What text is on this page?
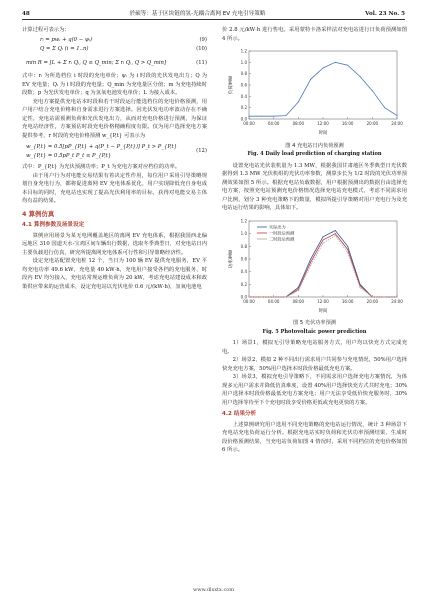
48	於硕等：基于区块链的氢-光耦合离网 EV 充电引导策略	Vol. 23 No. 5

计算过程可表示为：

rᵢ = pwᵢ + q(0 − ψᵢ)	(9)
Q = Σ Qᵢ (i = 1..n)	(10)
min R = [L + Σ rᵢ Qᵢ, Q ≤ Q_min; Σ rᵢ Qᵢ, Q > Q_min]	(11)

式中：rᵢ 为所选档位 i 时段的充电单价；ψᵢ 为 i 时段的光伏发电出力；Q 为 EV 充电量；Qᵢ 为 i 时段的充电量；Q_min 为充电量区分值；m 为充电持续时段数；p 为光伏发电单价；q 为氢氧电池发电单价；L 为接入成本。

充电方案提供充电站本时段和若干时段运行能选档位的充电价格预测，用户用户结合充电价格和自身需求进行方案选择。因光伏发电功率波动存在不确定性，充电站需预测负荷和光伏发电出力，从而对充电价格进行预测，为保证充电站经济性，方案预估时段充电价格精确程度有限。仅为用户选择充电方案提供参考，r 时段的充电价格预测 w_{P,t} 可表示为

w_{P,t} = 0.5[pP_{P,t} + q(P_t − P_{P,t})] P_t > P_{P,t}
w_{P,t} = 0.5pP_t P_t ≤ P_{P,t}
(12)

式中：P_{P,t} 为光伏预测功率；P_t 为充电方案对应档位的功率。

由于用户行为对电能交易结果有着决定性作用，每位用户采用引导策略规划自身充电行为，都将促进离网 EV 充电体系优化，用户实现降低充自身电成本目标的同时，充电站也实现了提高光伏利用率的目标，获得对电能交易主体均有益的结果。

4 算例仿真
4.1 算例参数及场景设定

算例应用场景为某无电网覆盖地区的离网 EV 充电体系，根据我国西北偏远地区 310 国道天水-宝鸡区间车辆出行数据，选取冬季典型日，对充电站日内主要负载进行仿真，研究所提离网充电体系可行性和引导策略经济性。

设定充电站配置充电桩 12 个，当日为 100 辆 EV 提供充电服务，EV 平均充电功率 49.6 kW，充电量 40 kW·h，充电用户接受各档的充电服务，时段内 EV 均匀接入，充电站常规运维负荷为 20 kW，考虑充电站建设成本和政策供应带来的运营成本，设定充电站以光伏电价 0.6 元/(kW·h)，氢氧电池电

价 2.8 元/kW·h 进行售电。采用蒙特卡洛采样法对充电站进行日负荷预测如图 4 所示。

0.0
0.2
0.4
0.6
0.8
1.0
1.2
00:00	04:00	08:00	12:00	16:00	20:00	24:00
时间
负荷/MW
图 4 充电站日内负荷预测
Fig. 4 Daily load prediction of charging station

设置充电站光伏装机量为 1.3 MW，根据我国甘肃地区冬季典型日光伏数据得到 1.3 MW 光伏机组的光伏功率参数，测算步长为 1/2 时段的光伏功率预测效果如图 5 所示。根据充电站负载数据，用户根据预测出的数据自由选择充电方案，按照充电站预测充电价格情况选择充电站充电模式，考虑不同需求用户比例，划分 3 种充电策略下的数量，模拟所提引导策略对用户充电行为及充电站运行结果的影响，具体如下。

0.0
0.2
0.4
0.6
0.8
1.0
1.2
00:00	04:00	08:00	12:00	16:00	20:00	24:00
时间
功率/MW
实际出力
一时段后预测
二时段后预测
图 5 光伏功率预测
Fig. 5 Photovoltaic power prediction

1）场景1，模拟无引导策略充电站服务方式，用户均以快充方式完成充电。

2）场景2，模拟 2 种不同出行需求用户共同参与充电情况，50%用户选择快充充电方案，50%用户选择本时段价格最低充电方案。

3）场景3，模拟充电引导策略下，不同需求用户选择充电方案情况，为体现多元用户需求并降低仿真难度，设置 40%用户选择快充方式共时充电；30%用户选择本时段价格最低充电方案充电；用户无法享受低价快充服务时，30%用户选择等待至下个充电时段享受价格更低或充电更快的方案。

4.2 结果分析

上述算例研究用户选用不同充电策略的充电站运行情况，统计 3 种场景下充电站充电负荷运行分析。根据充电站实时负荷和光伏功率预测结果，生成时段价格预测结果，当充电站负荷如图 4 情况时，采用不同档位的充电价格如图 6 所示。

www.dlsxtx.com
